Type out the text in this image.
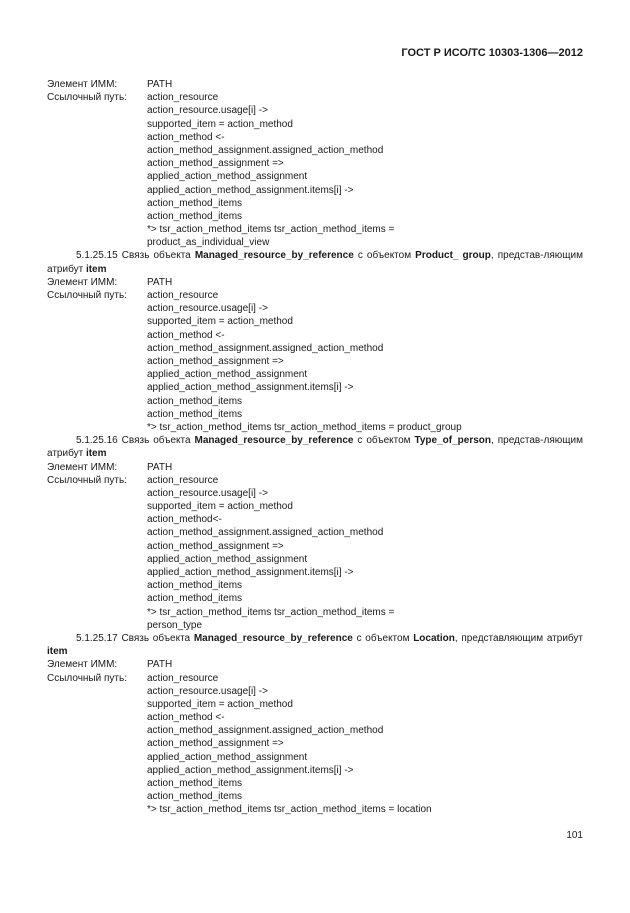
ГОСТ Р ИСО/ТС 10303-1306—2012
Элемент ИММ:	PATH
Ссылочный путь: action_resource
action_resource.usage[i] ->
supported_item = action_method
action_method <-
action_method_assignment.assigned_action_method
action_method_assignment =>
applied_action_method_assignment
applied_action_method_assignment.items[i] ->
action_method_items
action_method_items
*> tsr_action_method_items tsr_action_method_items =
product_as_individual_view
5.1.25.15 Связь объекта Managed_resource_by_reference с объектом Product_ group, представ-ляющим атрибут item
Элемент ИММ:	PATH
Ссылочный путь: action_resource
action_resource.usage[i] ->
supported_item = action_method
action_method <-
action_method_assignment.assigned_action_method
action_method_assignment =>
applied_action_method_assignment
applied_action_method_assignment.items[i] ->
action_method_items
action_method_items
*> tsr_action_method_items tsr_action_method_items = product_group
5.1.25.16 Связь объекта Managed_resource_by_reference с объектом Type_of_person, представ-ляющим атрибут item
Элемент ИММ:	PATH
Ссылочный путь: action_resource
action_resource.usage[i] ->
supported_item = action_method
action_method<-
action_method_assignment.assigned_action_method
action_method_assignment =>
applied_action_method_assignment
applied_action_method_assignment.items[i] ->
action_method_items
action_method_items
*> tsr_action_method_items tsr_action_method_items =
person_type
5.1.25.17 Связь объекта Managed_resource_by_reference с объектом Location, представляющим атрибут item
Элемент ИММ:	PATH
Ссылочный путь: action_resource
action_resource.usage[i] ->
supported_item = action_method
action_method <-
action_method_assignment.assigned_action_method
action_method_assignment =>
applied_action_method_assignment
applied_action_method_assignment.items[i] ->
action_method_items
action_method_items
*> tsr_action_method_items tsr_action_method_items = location
101
